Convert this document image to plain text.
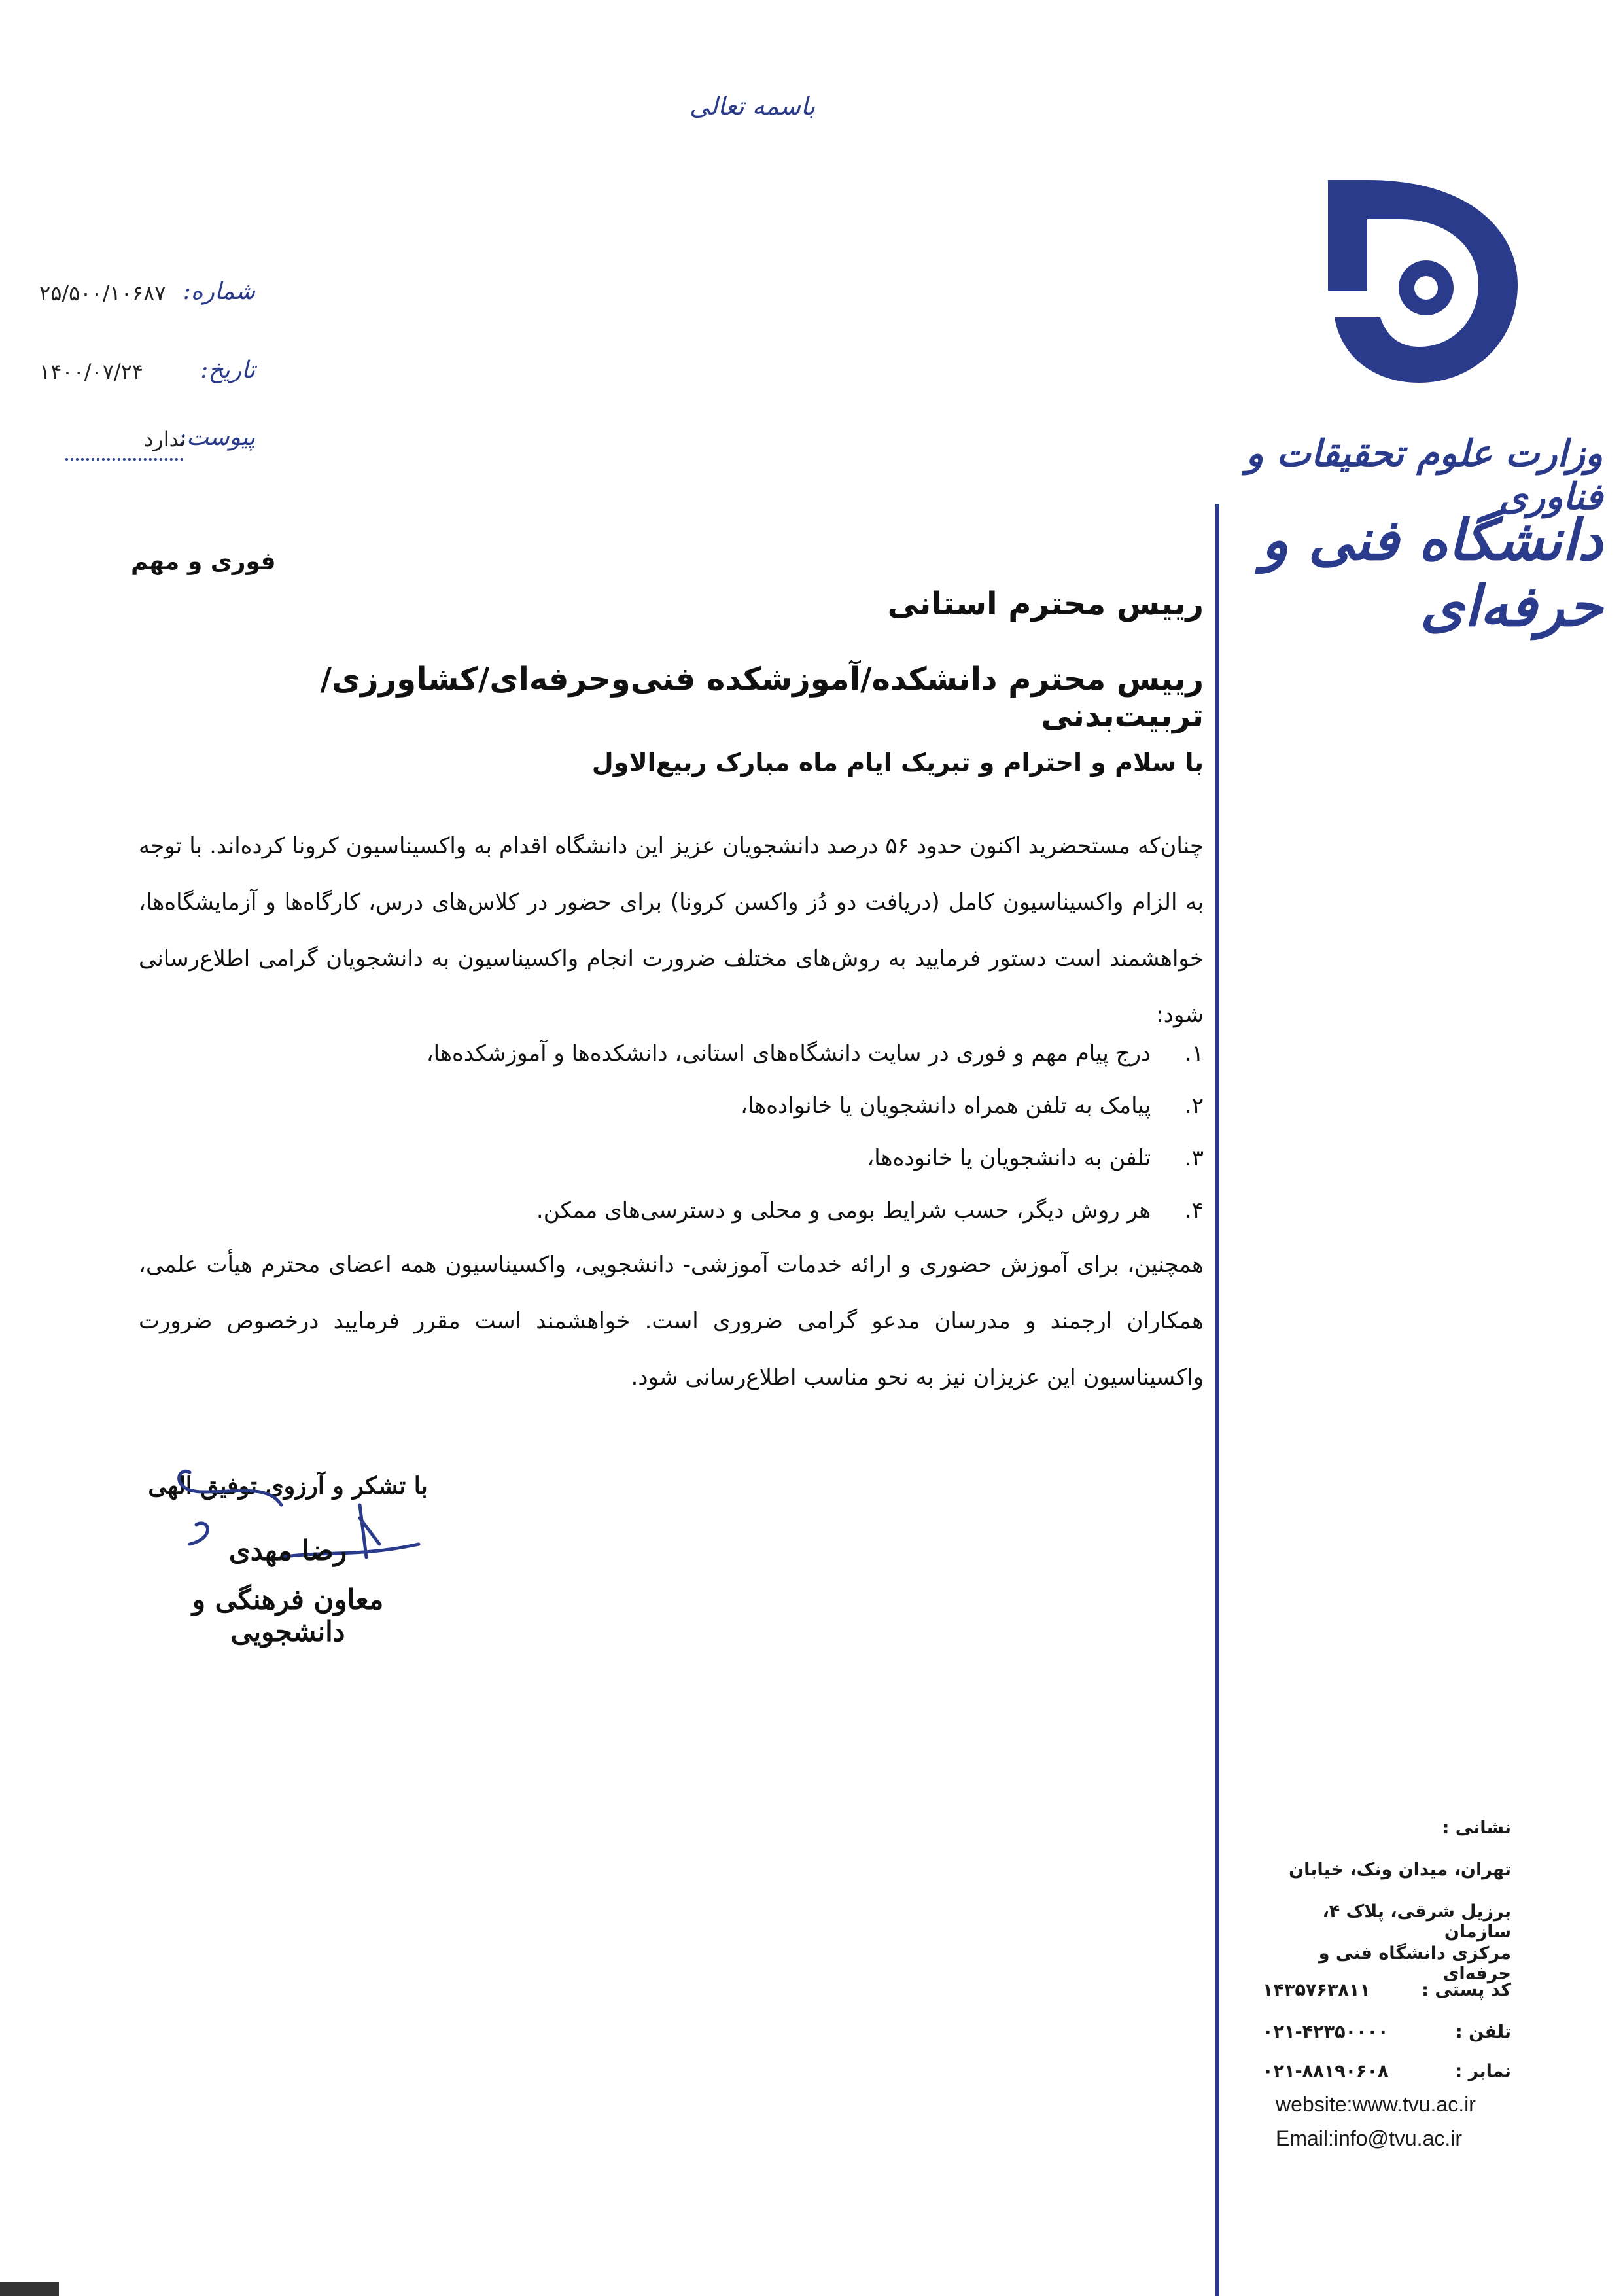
باسمه تعالی
شماره:
۲۵/۵۰۰/۱۰۶۸۷
تاریخ:
۱۴۰۰/۰۷/۲۴
پیوست:
ندارد	وزارت علوم تحقیقات و فناوری
دانشگاه فنی و حرفه‌ای
فوری و مهم
رییس محترم استانی
رییس محترم دانشکده/آموزشکده فنی‌وحرفه‌ای/کشاورزی/تربیت‌بدنی
با سلام و احترام و تبریک ایام ماه مبارک ربیع‌الاول
چنان‌که مستحضرید اکنون حدود ۵۶ درصد دانشجویان عزیز این دانشگاه اقدام به واکسیناسیون کرونا کرده‌اند. با توجه به الزام واکسیناسیون کامل (دریافت دو دُز واکسن کرونا) برای حضور در کلاس‌های درس، کارگاه‌ها و آزمایشگاه‌ها، خواهشمند است دستور فرمایید به روش‌های مختلف ضرورت انجام واکسیناسیون به دانشجویان گرامی اطلاع‌رسانی شود:
۱. درج پیام مهم و فوری در سایت دانشگاه‌های استانی، دانشکده‌ها و آموزشکده‌ها،
۲. پیامک به تلفن همراه دانشجویان یا خانواده‌ها،
۳. تلفن به دانشجویان یا خانوده‌ها،
۴. هر روش دیگر، حسب شرایط بومی و محلی و دسترسی‌های ممکن.
همچنین، برای آموزش حضوری و ارائه خدمات آموزشی- دانشجویی، واکسیناسیون همه اعضای محترم هیأت علمی، همکاران ارجمند و مدرسان مدعو گرامی ضروری است. خواهشمند است مقرر فرمایید درخصوص ضرورت واکسیناسیون این عزیزان نیز به نحو مناسب اطلاع‌رسانی شود.
با تشکر و آرزوی توفیق الهی
رضا مهدی
معاون فرهنگی و دانشجویی
نشانی :
تهران، میدان ونک، خیابان
برزیل شرقی، پلاک ۴، سازمان
مرکزی دانشگاه فنی و حرفه‌ای
کد پستی :
۱۴۳۵۷۶۳۸۱۱
تلفن :
۰۲۱-۴۲۳۵۰۰۰۰
نمابر :
۰۲۱-۸۸۱۹۰۶۰۸
website:www.tvu.ac.ir
Email:info@tvu.ac.ir
